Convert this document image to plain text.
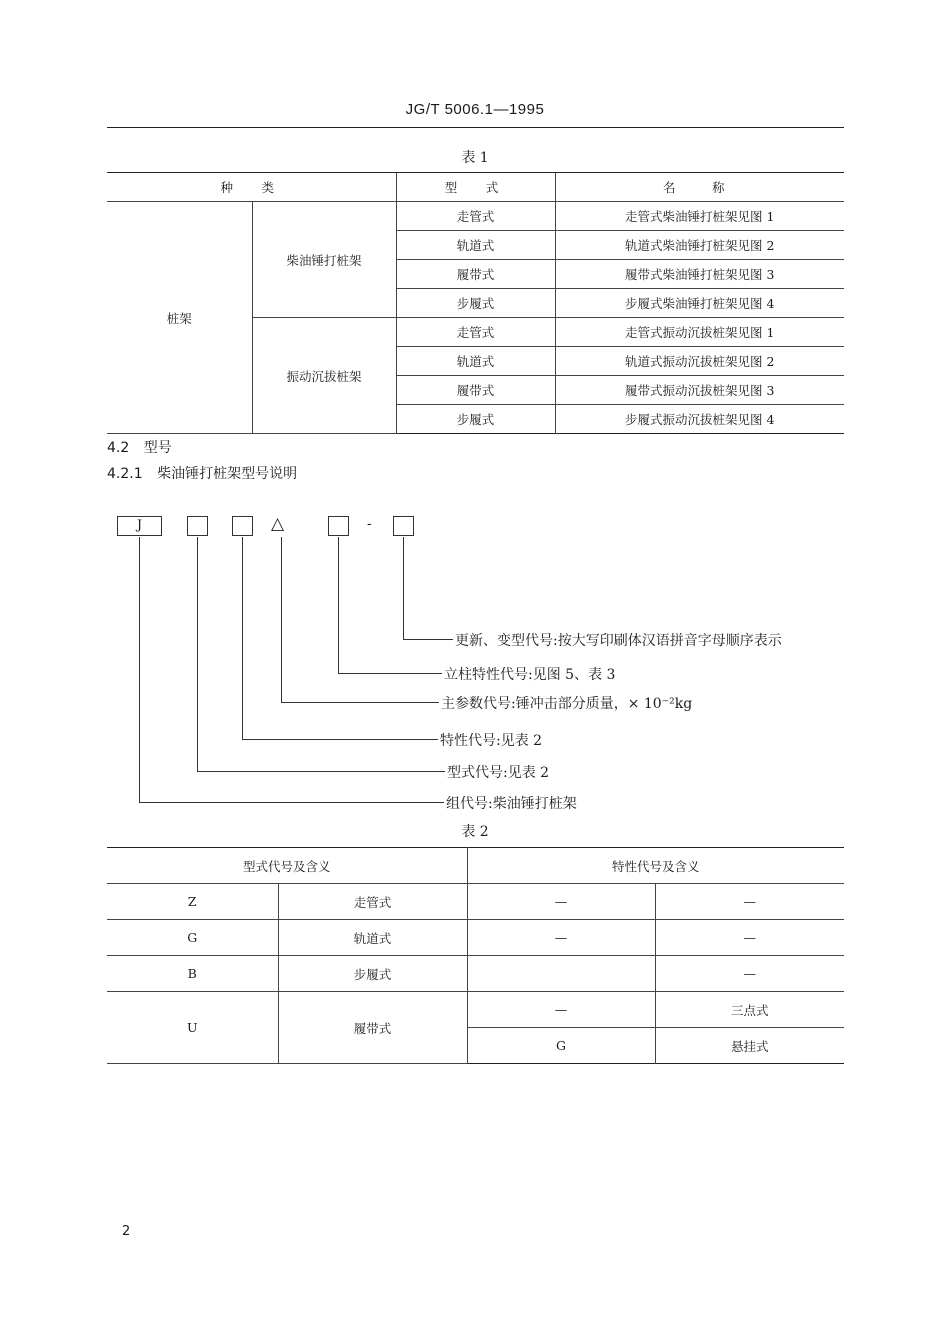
JG/T 5006.1—1995
表 1
种　类		型　式	名　称
桩架	柴油锤打桩架	走管式	走管式柴油锤打桩架见图 1
		轨道式	轨道式柴油锤打桩架见图 2
		履带式	履带式柴油锤打桩架见图 3
		步履式	步履式柴油锤打桩架见图 4
	振动沉拔桩架	走管式	走管式振动沉拔桩架见图 1
		轨道式	轨道式振动沉拔桩架见图 2
		履带式	履带式振动沉拔桩架见图 3
		步履式	步履式振动沉拔桩架见图 4
4.2 型号
4.2.1 柴油锤打桩架型号说明
J	△	-
更新、变型代号:按大写印刷体汉语拼音字母顺序表示
立柱特性代号:见图 5、表 3
主参数代号:锤冲击部分质量，× 10⁻²kg
特性代号:见表 2
型式代号:见表 2
组代号:柴油锤打桩架
表 2
型式代号及含义		特性代号及含义	
Z	走管式	—	—
G	轨道式	—	—
B	步履式		—
U	履带式	—	三点式
		G	悬挂式
2
